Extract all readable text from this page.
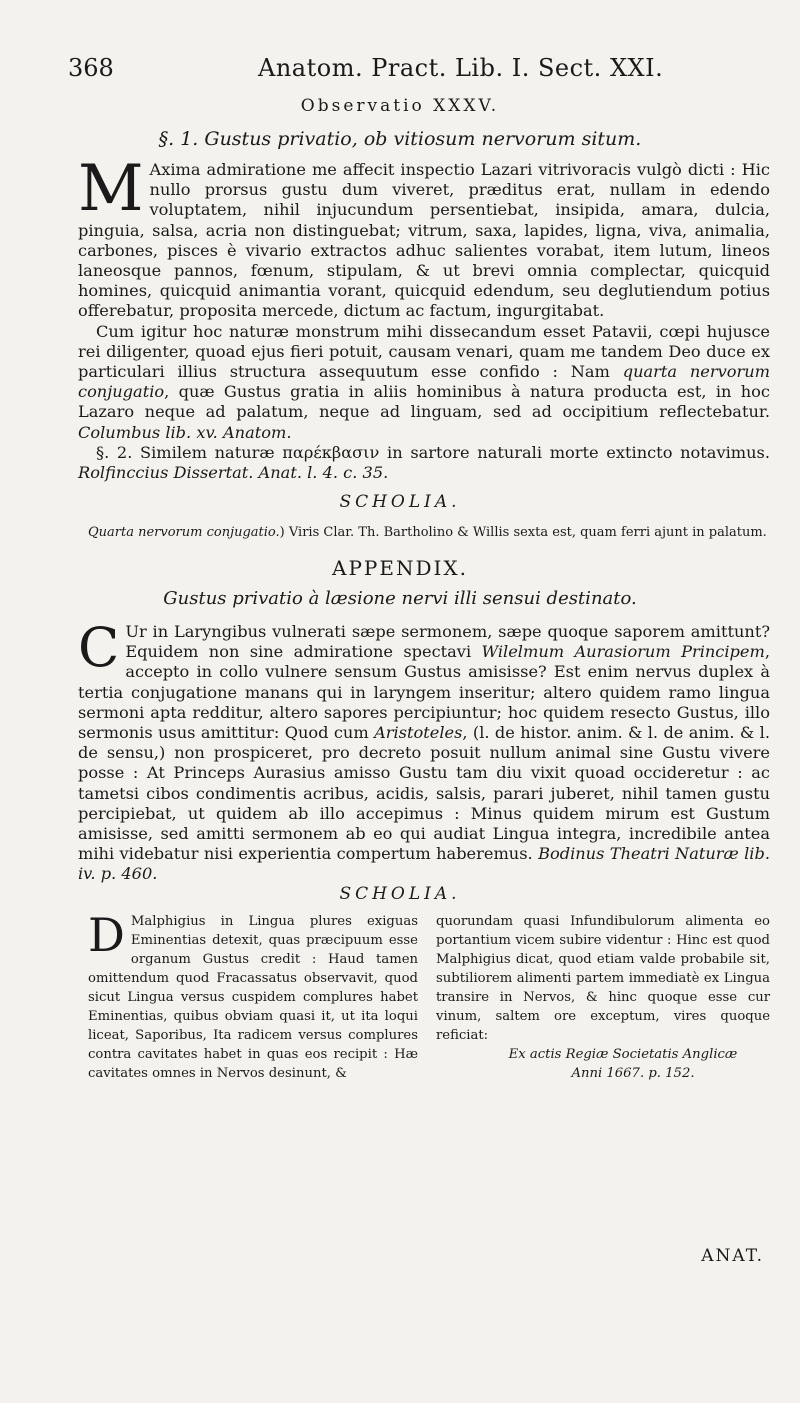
368	Anatom. Pract. Lib. I. Sect. XXI.
Observatio XXXV.
§. 1. Gustus privatio, ob vitiosum nervorum situm.

M Axima admiratione me affecit inspectio Lazari vitrivoracis vulgò dicti : Hic nullo prorsus gustu dum viveret, præditus erat, nullam in edendo voluptatem, nihil injucundum persentiebat, insipida, amara, dulcia, pinguia, salsa, acria non distinguebat; vitrum, saxa, lapides, ligna, viva, animalia, carbones, pisces è vivario extractos adhuc salientes vorabat, item lutum, lineos laneosque pannos, fœnum, stipulam, & ut brevi omnia complectar, quicquid homines, quicquid animantia vorant, quicquid edendum, seu deglutiendum potius offerebatur, proposita mercede, dictum ac factum, ingurgitabat.

Cum igitur hoc naturæ monstrum mihi dissecandum esset Patavii, cœpi hujusce rei diligenter, quoad ejus fieri potuit, causam venari, quam me tandem Deo duce ex particulari illius structura assequutum esse confido : Nam quarta nervorum conjugatio, quæ Gustus gratia in aliis hominibus à natura producta est, in hoc Lazaro neque ad palatum, neque ad linguam, sed ad occipitium reflectebatur. Columbus lib. xv. Anatom.

§. 2. Similem naturæ παρέκβασιν in sartore naturali morte extincto notavimus. Rolfinccius Dissertat. Anat. l. 4. c. 35.

SCHOLIA.
Quarta nervorum conjugatio.) Viris Clar. Th. Bartholino & Willis sexta est, quam ferri ajunt in palatum.
APPENDIX.
Gustus privatio à læsione nervi illi sensui destinato.

C Ur in Laryngibus vulnerati sæpe sermonem, sæpe quoque saporem amittunt? Equidem non sine admiratione spectavi Wilelmum Aurasiorum Principem, accepto in collo vulnere sensum Gustus amisisse? Est enim nervus duplex à tertia conjugatione manans qui in laryngem inseritur; altero quidem ramo lingua sermoni apta redditur, altero sapores percipiuntur; hoc quidem resecto Gustus, illo sermonis usus amittitur: Quod cum Aristoteles, (l. de histor. anim. & l. de anim. & l. de sensu,) non prospiceret, pro decreto posuit nullum animal sine Gustu vivere posse : At Princeps Aurasius amisso Gustu tam diu vixit quoad occideretur : ac tametsi cibos condimentis acribus, acidis, salsis, parari juberet, nihil tamen gustu percipiebat, ut quidem ab illo accepimus : Minus quidem mirum est Gustum amisisse, sed amitti sermonem ab eo qui audiat Lingua integra, incredibile antea mihi videbatur nisi experientia compertum haberemus. Bodinus Theatri Naturæ lib. iv. p. 460.

SCHOLIA.
D Malphigius in Lingua plures exiguas Eminentias detexit, quas præcipuum esse organum Gustus credit : Haud tamen omittendum quod Fracassatus observavit, quod sicut Lingua versus cuspidem complures habet Eminentias, quibus obviam quasi it, ut ita loqui liceat, Saporibus, Ita radicem versus complures contra cavitates habet in quas eos recipit : Hæ cavitates omnes in Nervos desinunt, &

quorundam quasi Infundibulorum alimenta eo portantium vicem subire videntur : Hinc est quod Malphigius dicat, quod etiam valde probabile sit, subtiliorem alimenti partem immediatè ex Lingua transire in Nervos, & hinc quoque esse cur vinum, saltem ore exceptum, vires quoque reficiat:

Ex actis Regiæ Societatis Anglicæ

Anni 1667. p. 152.

ANAT.
